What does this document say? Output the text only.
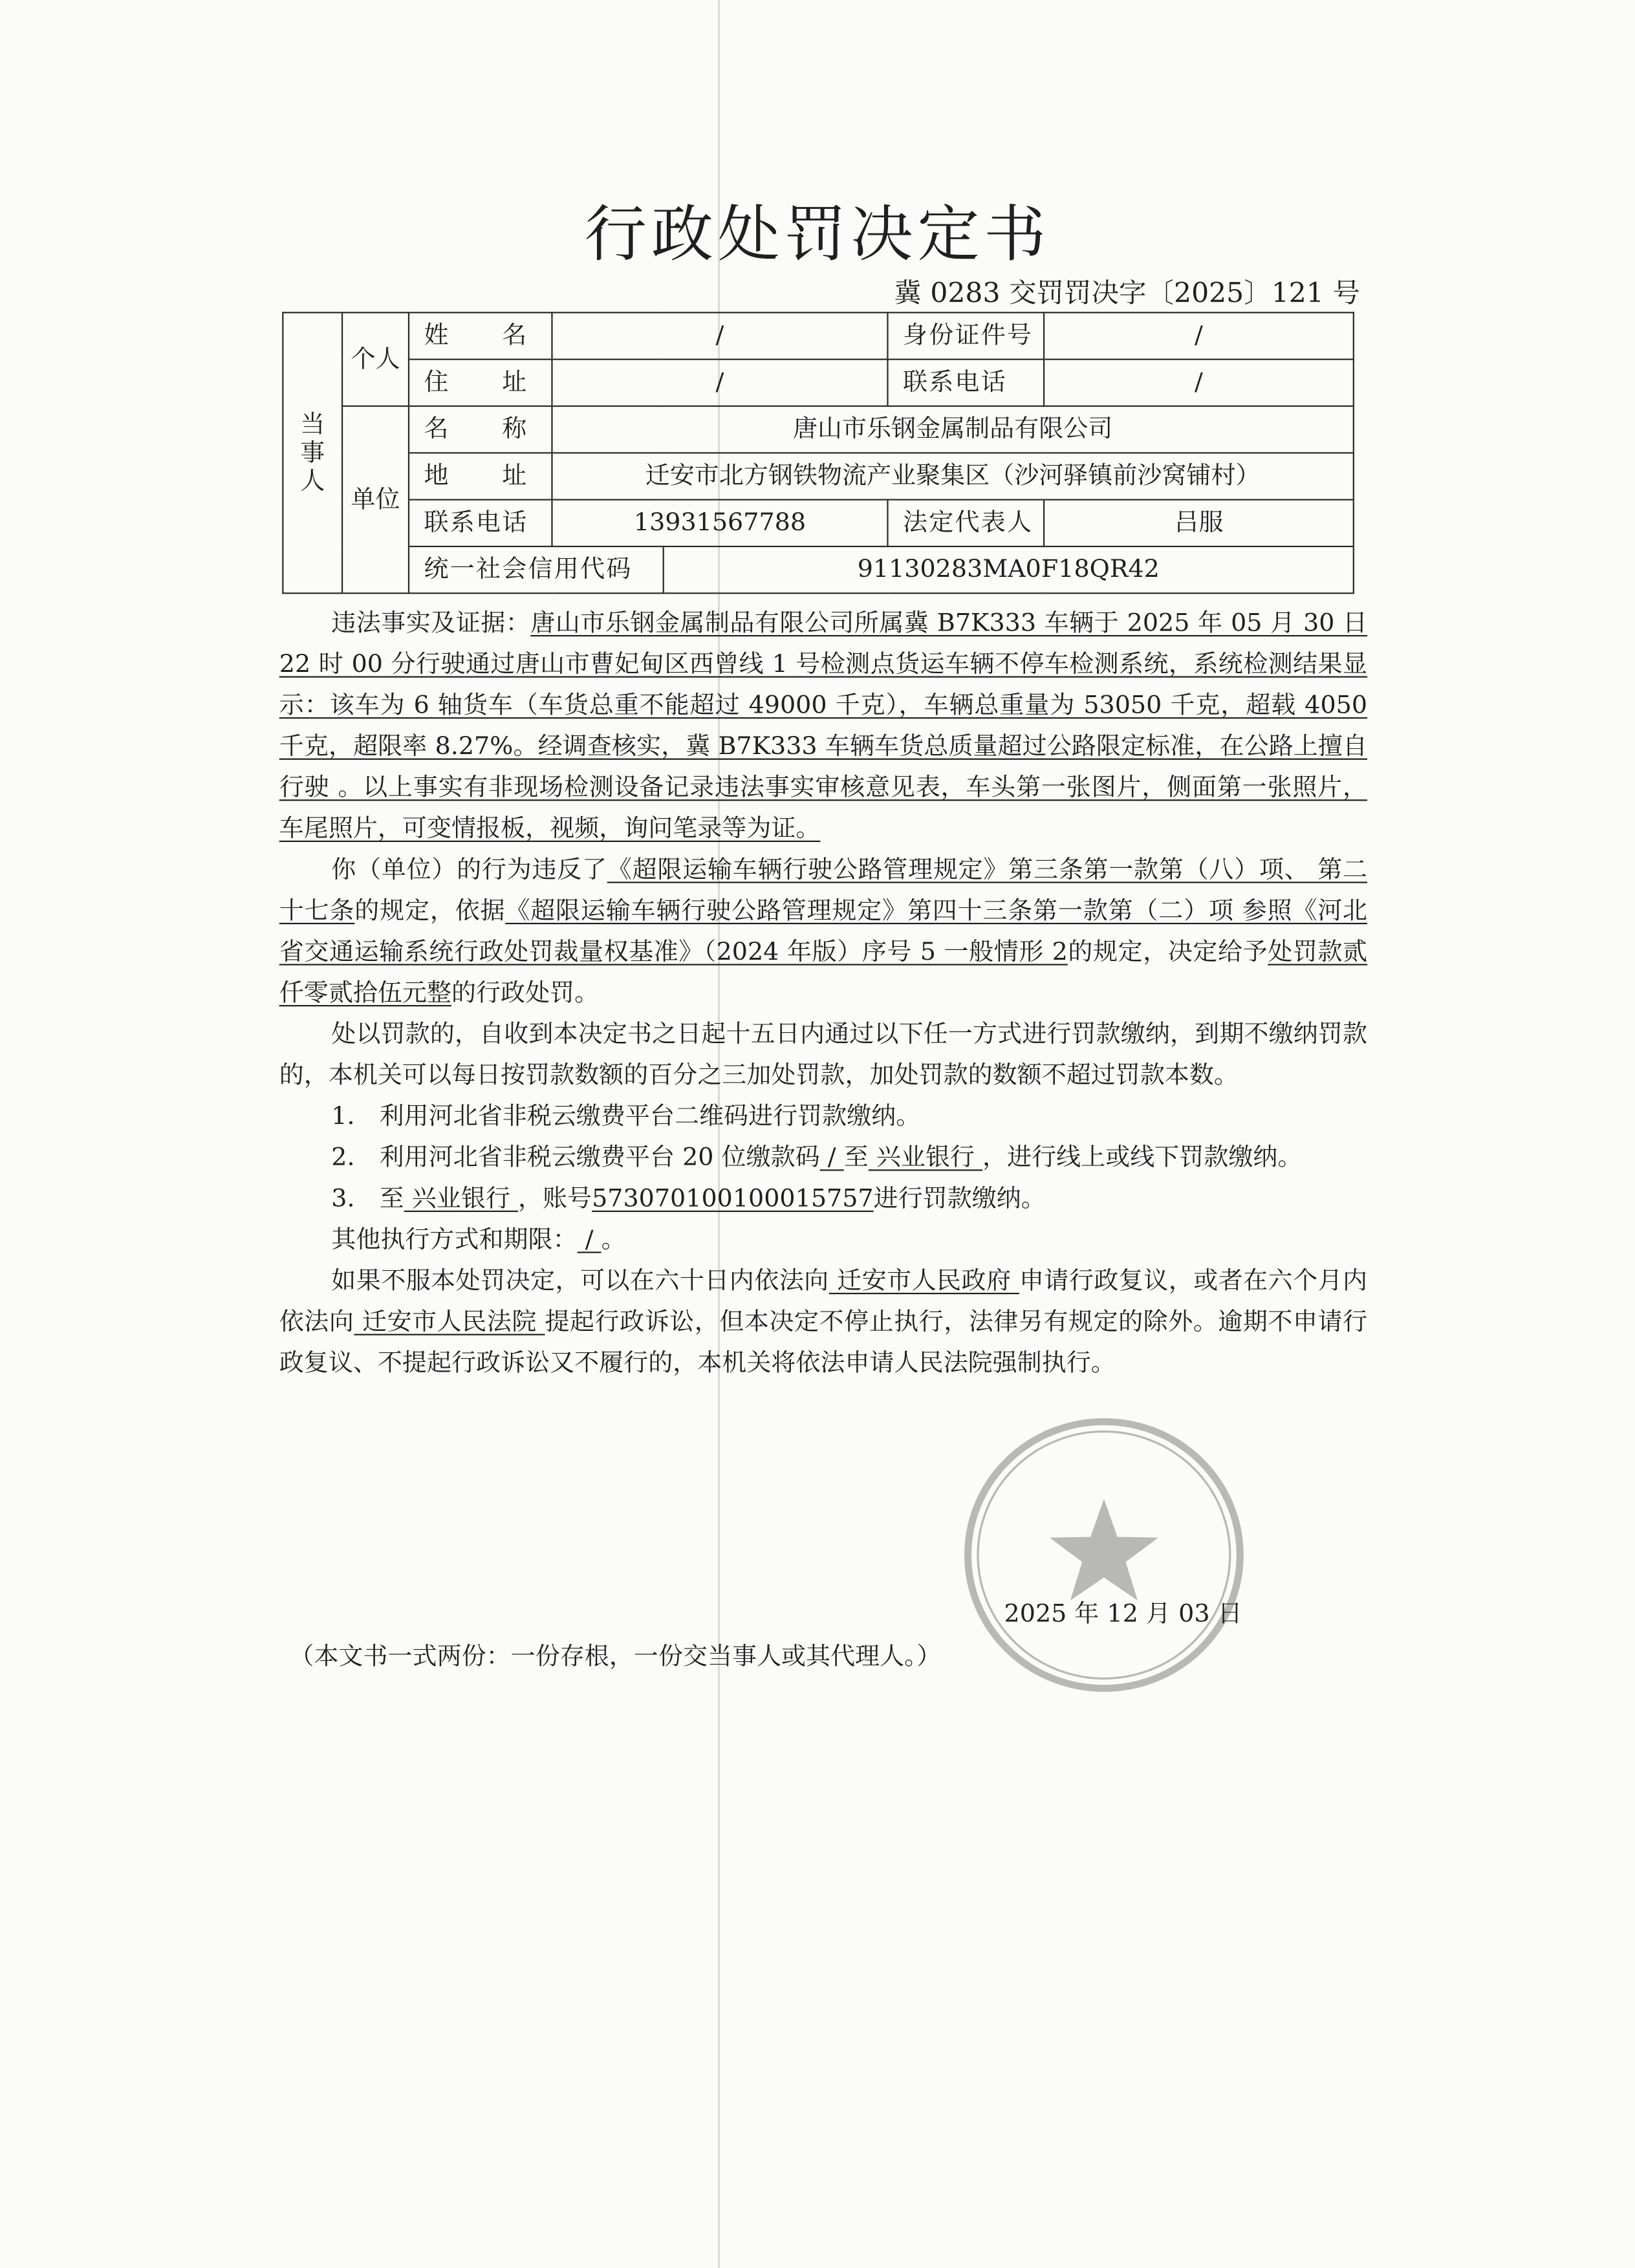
行政处罚决定书
冀 0283 交罚罚决字〔2025〕121 号
当事人	个人	姓　　名	/		身份证件号	/
		住　　址	/		联系电话	/
	单位	名　　称	唐山市乐钢金属制品有限公司			
		地　　址	迁安市北方钢铁物流产业聚集区（沙河驿镇前沙窝铺村）			
		联系电话	13931567788		法定代表人	吕服
		统一社会信用代码		91130283MA0F18QR42		

违法事实及证据：唐山市乐钢金属制品有限公司所属冀 B7K333 车辆于 2025 年 05 月 30 日 22 时 00 分行驶通过唐山市曹妃甸区西曾线 1 号检测点货运车辆不停车检测系统，系统检测结果显示：该车为 6 轴货车（车货总重不能超过 49000 千克），车辆总重量为 53050 千克，超载 4050 千克，超限率 8.27%。经调查核实，冀 B7K333 车辆车货总质量超过公路限定标准，在公路上擅自行驶 。以上事实有非现场检测设备记录违法事实审核意见表，车头第一张图片，侧面第一张照片，车尾照片，可变情报板，视频，询问笔录等为证。

你（单位）的行为违反了《超限运输车辆行驶公路管理规定》第三条第一款第（八）项、 第二十七条的规定，依据《超限运输车辆行驶公路管理规定》第四十三条第一款第（二）项 参照《河北省交通运输系统行政处罚裁量权基准》（2024 年版）序号 5 一般情形 2的规定，决定给予处罚款贰仟零贰拾伍元整的行政处罚。

处以罚款的，自收到本决定书之日起十五日内通过以下任一方式进行罚款缴纳，到期不缴纳罚款的，本机关可以每日按罚款数额的百分之三加处罚款，加处罚款的数额不超过罚款本数。

1.　利用河北省非税云缴费平台二维码进行罚款缴纳。

2.　利用河北省非税云缴费平台 20 位缴款码 / 至 兴业银行 ，进行线上或线下罚款缴纳。

3.　至 兴业银行 ，账号573070100100015757进行罚款缴纳。

其他执行方式和期限： / 。

如果不服本处罚决定，可以在六十日内依法向 迁安市人民政府 申请行政复议，或者在六个月内依法向 迁安市人民法院 提起行政诉讼，但本决定不停止执行，法律另有规定的除外。逾期不申请行政复议、不提起行政诉讼又不履行的，本机关将依法申请人民法院强制执行。

2025 年 12 月 03 日
（本文书一式两份：一份存根，一份交当事人或其代理人。）
